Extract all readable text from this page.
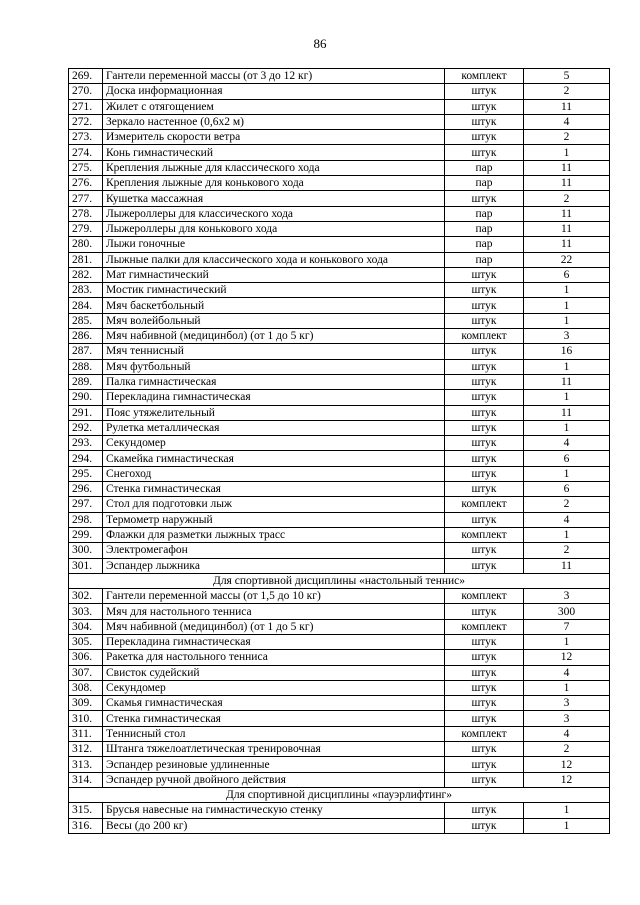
86
269.	Гантели переменной массы (от 3 до 12 кг)	комплект	5
270.	Доска информационная	штук	2
271.	Жилет с отягощением	штук	11
272.	Зеркало настенное (0,6х2 м)	штук	4
273.	Измеритель скорости ветра	штук	2
274.	Конь гимнастический	штук	1
275.	Крепления лыжные для классического хода	пар	11
276.	Крепления лыжные для конькового хода	пар	11
277.	Кушетка массажная	штук	2
278.	Лыжероллеры для классического хода	пар	11
279.	Лыжероллеры для конькового хода	пар	11
280.	Лыжи гоночные	пар	11
281.	Лыжные палки для классического хода и конькового хода	пар	22
282.	Мат гимнастический	штук	6
283.	Мостик гимнастический	штук	1
284.	Мяч баскетбольный	штук	1
285.	Мяч волейбольный	штук	1
286.	Мяч набивной (медицинбол) (от 1 до 5 кг)	комплект	3
287.	Мяч теннисный	штук	16
288.	Мяч футбольный	штук	1
289.	Палка гимнастическая	штук	11
290.	Перекладина гимнастическая	штук	1
291.	Пояс утяжелительный	штук	11
292.	Рулетка металлическая	штук	1
293.	Секундомер	штук	4
294.	Скамейка гимнастическая	штук	6
295.	Снегоход	штук	1
296.	Стенка гимнастическая	штук	6
297.	Стол для подготовки лыж	комплект	2
298.	Термометр наружный	штук	4
299.	Флажки для разметки лыжных трасс	комплект	1
300.	Электромегафон	штук	2
301.	Эспандер лыжника	штук	11
Для спортивной дисциплины «настольный теннис»			
302.	Гантели переменной массы (от 1,5 до 10 кг)	комплект	3
303.	Мяч для настольного тенниса	штук	300
304.	Мяч набивной (медицинбол) (от 1 до 5 кг)	комплект	7
305.	Перекладина гимнастическая	штук	1
306.	Ракетка для настольного тенниса	штук	12
307.	Свисток судейский	штук	4
308.	Секундомер	штук	1
309.	Скамья гимнастическая	штук	3
310.	Стенка гимнастическая	штук	3
311.	Теннисный стол	комплект	4
312.	Штанга тяжелоатлетическая тренировочная	штук	2
313.	Эспандер резиновые удлиненные	штук	12
314.	Эспандер ручной двойного действия	штук	12
Для спортивной дисциплины «пауэрлифтинг»			
315.	Брусья навесные на гимнастическую стенку	штук	1
316.	Весы (до 200 кг)	штук	1
